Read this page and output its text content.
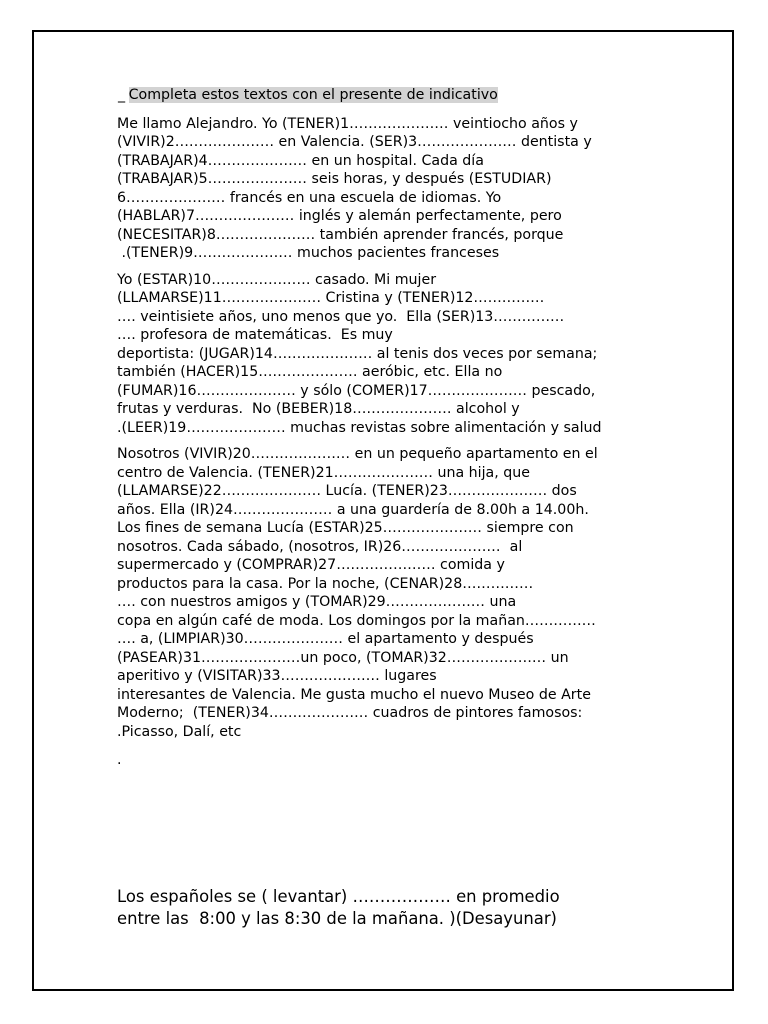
_ Completa estos textos con el presente de indicativo
Me llamo Alejandro. Yo (TENER)1………………… veintiocho años y
(VIVIR)2………………… en Valencia. (SER)3………………… dentista y
(TRABAJAR)4………………… en un hospital. Cada día
(TRABAJAR)5………………… seis horas, y después (ESTUDIAR)
6………………… francés en una escuela de idiomas. Yo
(HABLAR)7………………… inglés y alemán perfectamente, pero
(NECESITAR)8………………… también aprender francés, porque
.(TENER)9………………… muchos pacientes franceses
Yo (ESTAR)10………………… casado. Mi mujer
(LLAMARSE)11………………… Cristina y (TENER)12……………
…. veintisiete años, uno menos que yo.  Ella (SER)13……………
…. profesora de matemáticas.  Es muy
deportista: (JUGAR)14………………… al tenis dos veces por semana;
también (HACER)15………………… aeróbic, etc. Ella no
(FUMAR)16………………… y sólo (COMER)17………………… pescado,
frutas y verduras.  No (BEBER)18………………… alcohol y
.(LEER)19………………… muchas revistas sobre alimentación y salud
Nosotros (VIVIR)20………………… en un pequeño apartamento en el
centro de Valencia. (TENER)21………………… una hija, que
(LLAMARSE)22………………… Lucía. (TENER)23………………… dos
años. Ella (IR)24………………… a una guardería de 8.00h a 14.00h.
Los fines de semana Lucía (ESTAR)25………………… siempre con
nosotros. Cada sábado, (nosotros, IR)26…………………  al
supermercado y (COMPRAR)27………………… comida y
productos para la casa. Por la noche, (CENAR)28……………
…. con nuestros amigos y (TOMAR)29………………… una
copa en algún café de moda. Los domingos por la mañan……………
…. a, (LIMPIAR)30………………… el apartamento y después
(PASEAR)31…………………un poco, (TOMAR)32………………… un
aperitivo y (VISITAR)33………………… lugares
interesantes de Valencia. Me gusta mucho el nuevo Museo de Arte
Moderno;  (TENER)34………………… cuadros de pintores famosos:
.Picasso, Dalí, etc
.
Los españoles se ( levantar) ……………… en promedio
entre las  8:00 y las 8:30 de la mañana. )(Desayunar)
